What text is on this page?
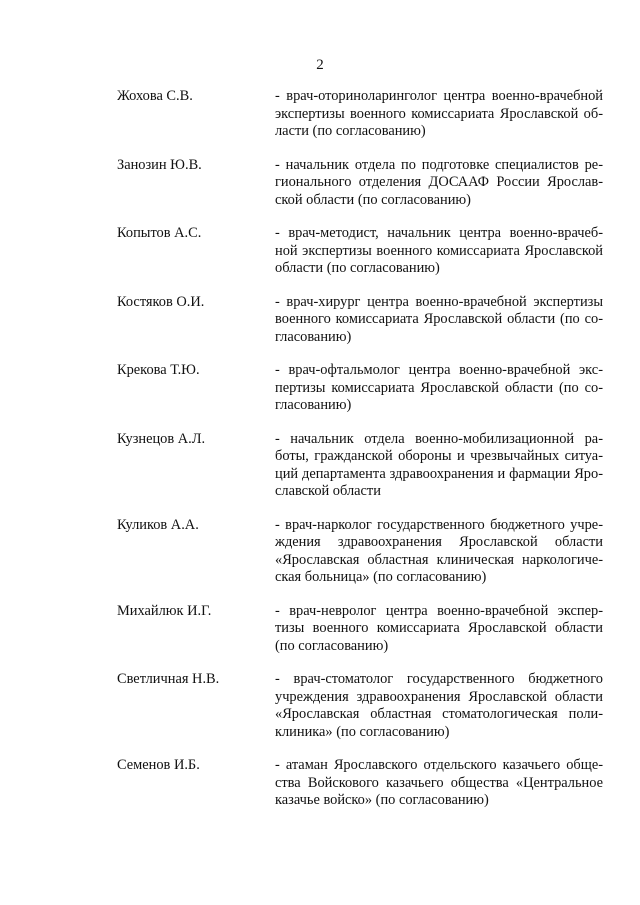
2
Жохова С.В.	- врач-оториноларинголог центра военно-врачебной
экспертизы военного комиссариата Ярославской об-
ласти (по согласованию)
Занозин Ю.В.	- начальник отдела по подготовке специалистов ре-
гионального отделения ДОСААФ России Ярослав-
ской области (по согласованию)
Копытов А.С.	- врач-методист, начальник центра военно-врачеб-
ной экспертизы военного комиссариата Ярославской
области (по согласованию)
Костяков О.И.	- врач-хирург центра военно-врачебной экспертизы
военного комиссариата Ярославской области (по со-
гласованию)
Крекова Т.Ю.	- врач-офтальмолог центра военно-врачебной экс-
пертизы комиссариата Ярославской области (по со-
гласованию)
Кузнецов А.Л.	- начальник отдела военно-мобилизационной ра-
боты, гражданской обороны и чрезвычайных ситуа-
ций департамента здравоохранения и фармации Яро-
славской области
Куликов А.А.	- врач-нарколог государственного бюджетного учре-
ждения здравоохранения Ярославской области
«Ярославская областная клиническая наркологиче-
ская больница» (по согласованию)
Михайлюк И.Г.	- врач-невролог центра военно-врачебной экспер-
тизы военного комиссариата Ярославской области
(по согласованию)
Светличная Н.В.	- врач-стоматолог государственного бюджетного
учреждения здравоохранения Ярославской области
«Ярославская областная стоматологическая поли-
клиника» (по согласованию)
Семенов И.Б.	- атаман Ярославского отдельского казачьего обще-
ства Войскового казачьего общества «Центральное
казачье войско» (по согласованию)
